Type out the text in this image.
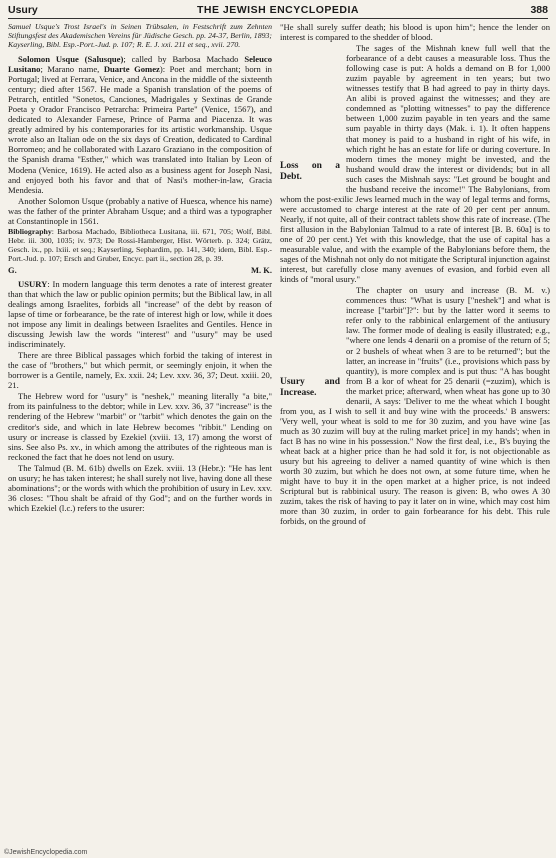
Usury	THE JEWISH ENCYCLOPEDIA	388

Samuel Usque's Trost Israel's in Seinen Trübsalen, in Festschrift zum Zehnten Stiftungsfest des Akademischen Vereins für Jüdische Gesch. pp. 24-37, Berlin, 1893; Kayserling, Bibl. Esp.-Port.-Jud. p. 107; R. E. J. xxi. 211 et seq., xvii. 270.

Solomon Usque (Salusque); called by Barbosa Machado Seleuco Lusitano; Marano name, Duarte Gomez): Poet and merchant; born in Portugal; lived at Ferrara, Venice, and Ancona in the middle of the sixteenth century; died after 1567. He made a Spanish translation of the poems of Petrarch, entitled "Sonetos, Canciones, Madrigales y Sextinas de Grande Poeta y Orador Francisco Petrarcha: Primeira Parte" (Venice, 1567), and dedicated to Alexander Farnese, Prince of Parma and Piacenza. It was greatly admired by his contemporaries for its artistic workmanship. Usque wrote also an Italian ode on the six days of Creation, dedicated to Cardinal Borromeo; and he collaborated with Lazaro Graziano in the composition of the Spanish drama "Esther," which was translated into Italian by Leon of Modena (Venice, 1619). He acted also as a business agent for Joseph Nasi, and enjoyed both his favor and that of Nasi's mother-in-law, Gracia Mendesia.

Another Solomon Usque (probably a native of Huesca, whence his name) was the father of the printer Abraham Usque; and a third was a typographer at Constantinople in 1561.

Bibliography: Barbosa Machado, Bibliotheca Lusitana, iii. 671, 705; Wolf, Bibl. Hebr. iii. 300, 1035; iv. 973; De Rossi-Hamberger, Hist. Wörterb. p. 324; Grätz, Gesch. ix., pp. lxiii. et seq.; Kayserling, Sephardim, pp. 141, 340; idem, Bibl. Esp.-Port.-Jud. p. 107; Ersch and Gruber, Encyc. part ii., section 28, p. 39.

G.	M. K.

USURY: In modern language this term denotes a rate of interest greater than that which the law or public opinion permits; but the Biblical law, in all dealings among Israelites, forbids all "increase" of the debt by reason of lapse of time or forbearance, be the rate of interest high or low, while it does not impose any limit in dealings between Israelites and Gentiles. Hence in discussing Jewish law the words "interest" and "usury" may be used indiscriminately.

There are three Biblical passages which forbid the taking of interest in the case of "brothers," but which permit, or seemingly enjoin, it when the borrower is a Gentile, namely, Ex. xxii. 24; Lev. xxv. 36, 37; Deut. xxiii. 20, 21.

The Hebrew word for "usury" is "neshek," meaning literally "a bite," from its painfulness to the debtor; while in Lev. xxv. 36, 37 "increase" is the rendering of the Hebrew "marbit" or "tarbit" which denotes the gain on the creditor's side, and which in late Hebrew becomes "ribbit." Lending on usury or increase is classed by Ezekiel (xviii. 13, 17) among the worst of sins. See also Ps. xv., in which among the attributes of the righteous man is reckoned the fact that he does not lend on usury.

The Talmud (B. M. 61b) dwells on Ezek. xviii. 13 (Hebr.): "He has lent on usury; he has taken interest; he shall surely not live, having done all these abominations"; or the words with which the prohibition of usury in Lev. xxv. 36 closes: "Thou shalt be afraid of thy God"; and on the further words in which Ezekiel (l.c.) refers to the usurer:

"He shall surely suffer death; his blood is upon him"; hence the lender on interest is compared to the shedder of blood.

Loss on a Debt.

The sages of the Mishnah knew full well that the forbearance of a debt causes a measurable loss. Thus the following case is put: A holds a demand on B for 1,000 zuzim payable by agreement in ten years; but two witnesses testify that B had agreed to pay in thirty days. An alibi is proved against the witnesses; and they are condemned as "plotting witnesses" to pay the difference between 1,000 zuzim payable in ten years and the same sum payable in thirty days (Mak. i. 1). It often happens that money is paid to a husband in right of his wife, in which right he has an estate for life or during coverture. In modern times the money might be invested, and the husband would draw the interest or dividends; but in all such cases the Mishnah says: "Let ground be bought and the husband receive the income!" The Babylonians, from whom the post-exilic Jews learned much in the way of legal terms and forms, were accustomed to charge interest at the rate of 20 per cent per annum. Nearly, if not quite, all of their contract tablets show this rate of increase. (The first allusion in the Babylonian Talmud to a rate of interest [B. B. 60a] is to one of 20 per cent.) Yet with this knowledge, that the use of capital has a measurable value, and with the example of the Babylonians before them, the sages of the Mishnah not only do not mitigate the Scriptural injunction against interest, but carefully close many avenues of evasion, and forbid even all kinds of "moral usury."

Usury and Increase.

The chapter on usury and increase (B. M. v.) commences thus: "What is usury ["neshek"] and what is increase ["tarbit"]?": but by the latter word it seems to refer only to the rabbinical enlargement of the antiusury law. The former mode of dealing is easily illustrated; e.g., "where one lends 4 denarii on a promise of the return of 5; or 2 bushels of wheat when 3 are to be returned"; but the latter, an increase in "fruits" (i.e., provisions which pass by quantity), is more complex and is put thus: "A has bought from B a kor of wheat for 25 denarii (=zuzim), which is the market price; afterward, when wheat has gone up to 30 denarii, A says: 'Deliver to me the wheat which I bought from you, as I wish to sell it and buy wine with the proceeds.' B answers: 'Very well, your wheat is sold to me for 30 zuzim, and you have wine [as much as 30 zuzim will buy at the ruling market price] in my hands'; when in fact B has no wine in his possession." Now the first deal, i.e., B's buying the wheat back at a higher price than he had sold it for, is not objectionable as usury but his agreeing to deliver a named quantity of wine which is then worth 30 zuzim, but which he does not own, at some future time, when he might have to buy it in the open market at a higher price, is not indeed Scriptural but is rabbinical usury. The reason is given: B, who owes A 30 zuzim, takes the risk of having to pay it later on in wine, which may cost him more than 30 zuzim, in order to gain forbearance for his debt. This rule forbids, on the ground of

©JewishEncyclopedia.com
